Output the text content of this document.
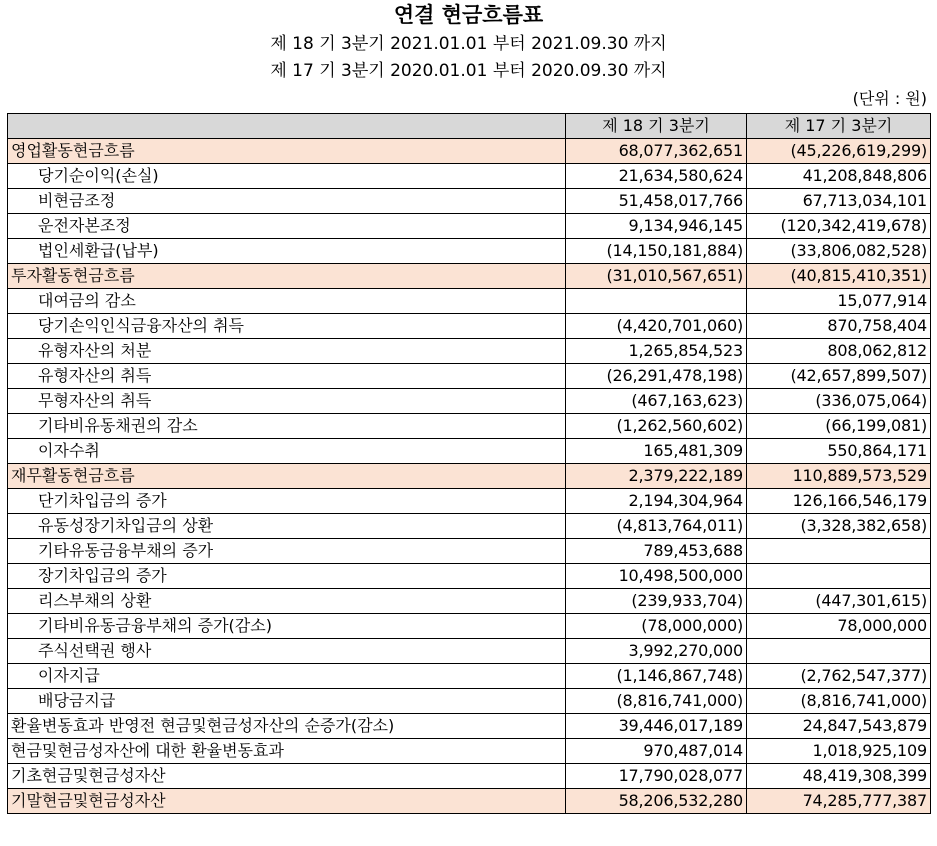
연결 현금흐름표
제 18 기 3분기 2021.01.01 부터 2021.09.30 까지
제 17 기 3분기 2020.01.01 부터 2020.09.30 까지
(단위 : 원)
	제 18 기 3분기	제 17 기 3분기
영업활동현금흐름	68,077,362,651	(45,226,619,299)
당기순이익(손실)	21,634,580,624	41,208,848,806
비현금조정	51,458,017,766	67,713,034,101
운전자본조정	9,134,946,145	(120,342,419,678)
법인세환급(납부)	(14,150,181,884)	(33,806,082,528)
투자활동현금흐름	(31,010,567,651)	(40,815,410,351)
대여금의 감소		15,077,914
당기손익인식금융자산의 취득	(4,420,701,060)	870,758,404
유형자산의 처분	1,265,854,523	808,062,812
유형자산의 취득	(26,291,478,198)	(42,657,899,507)
무형자산의 취득	(467,163,623)	(336,075,064)
기타비유동채권의 감소	(1,262,560,602)	(66,199,081)
이자수취	165,481,309	550,864,171
재무활동현금흐름	2,379,222,189	110,889,573,529
단기차입금의 증가	2,194,304,964	126,166,546,179
유동성장기차입금의 상환	(4,813,764,011)	(3,328,382,658)
기타유동금융부채의 증가	789,453,688	
장기차입금의 증가	10,498,500,000	
리스부채의 상환	(239,933,704)	(447,301,615)
기타비유동금융부채의 증가(감소)	(78,000,000)	78,000,000
주식선택권 행사	3,992,270,000	
이자지급	(1,146,867,748)	(2,762,547,377)
배당금지급	(8,816,741,000)	(8,816,741,000)
환율변동효과 반영전 현금및현금성자산의 순증가(감소)	39,446,017,189	24,847,543,879
현금및현금성자산에 대한 환율변동효과	970,487,014	1,018,925,109
기초현금및현금성자산	17,790,028,077	48,419,308,399
기말현금및현금성자산	58,206,532,280	74,285,777,387
